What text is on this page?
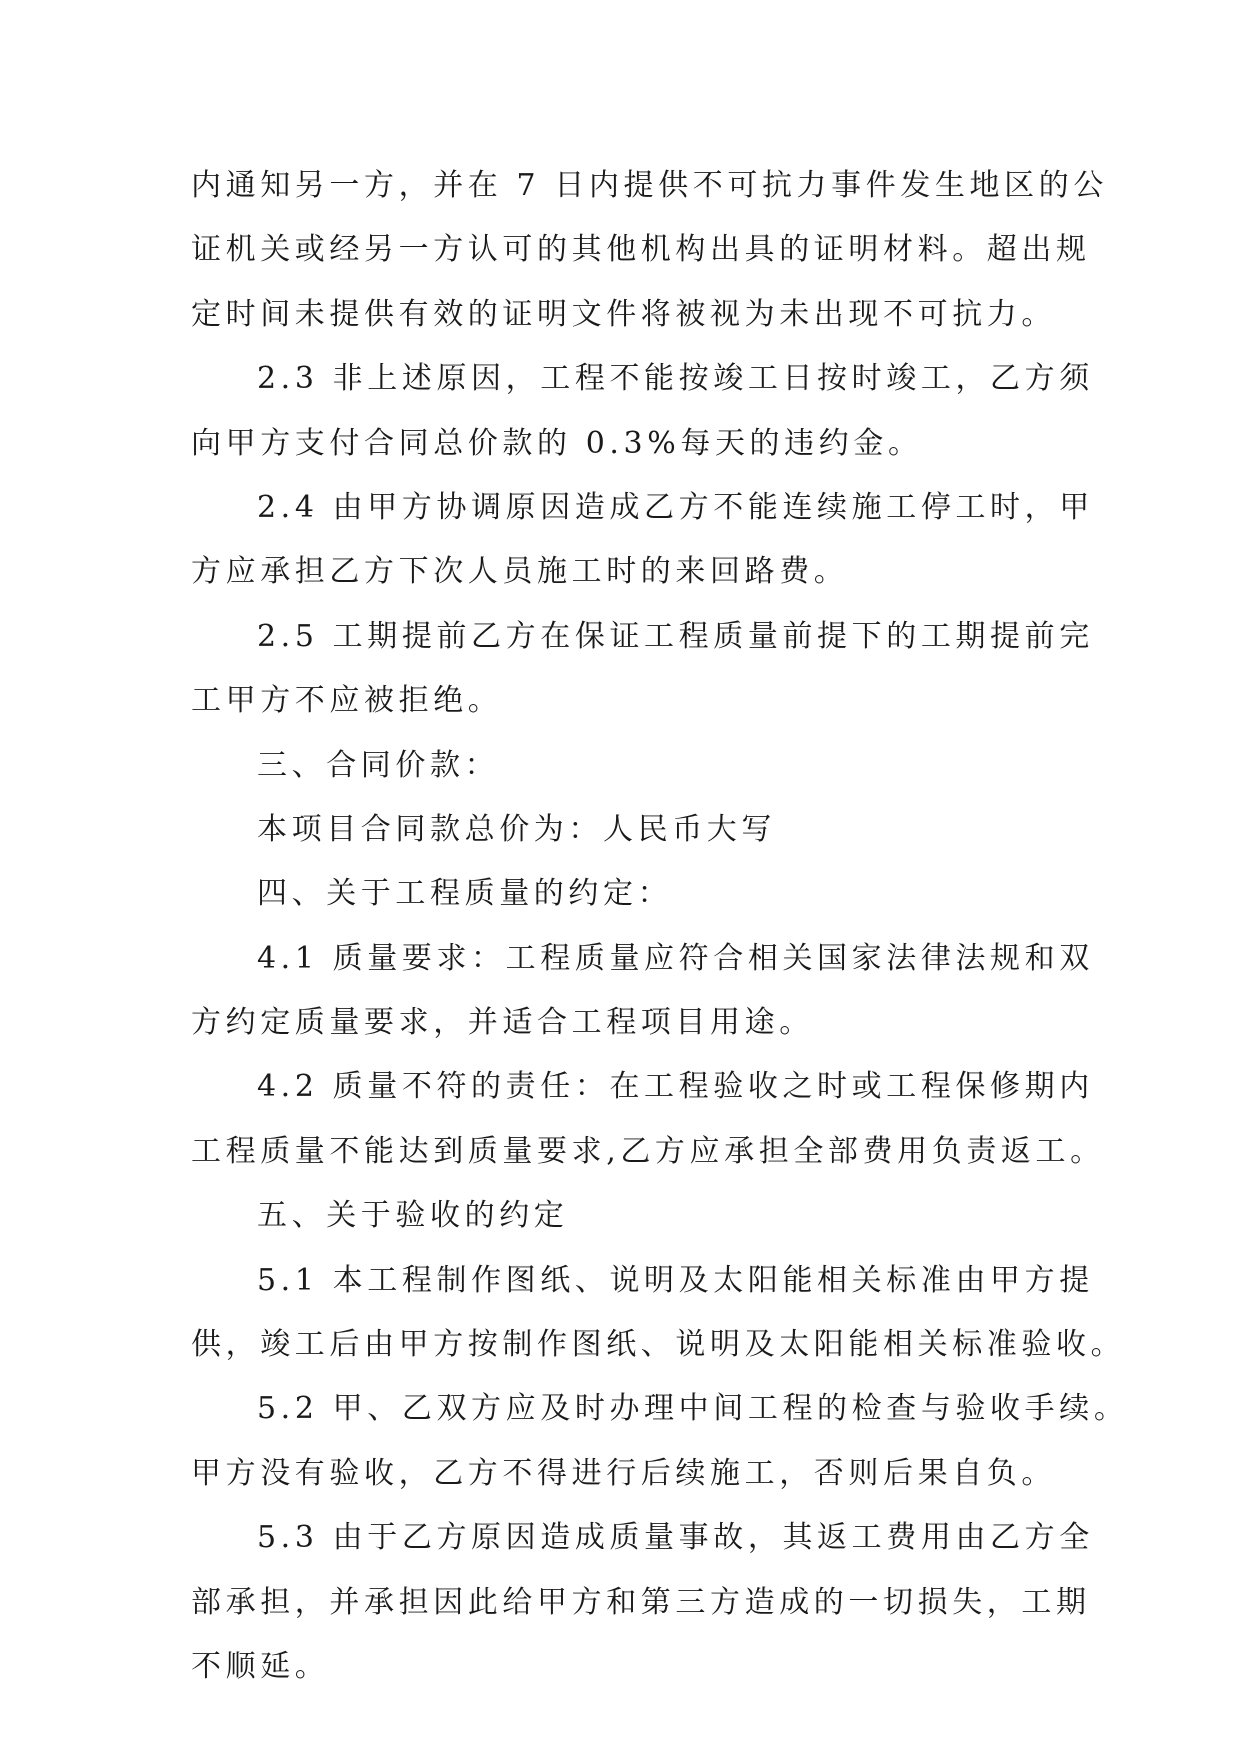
内通知另一方，并在 7 日内提供不可抗力事件发生地区的公
证机关或经另一方认可的其他机构出具的证明材料。超出规
定时间未提供有效的证明文件将被视为未出现不可抗力。
2.3 非上述原因，工程不能按竣工日按时竣工，乙方须
向甲方支付合同总价款的 0.3%每天的违约金。
2.4 由甲方协调原因造成乙方不能连续施工停工时，甲
方应承担乙方下次人员施工时的来回路费。
2.5 工期提前乙方在保证工程质量前提下的工期提前完
工甲方不应被拒绝。
三、合同价款：
本项目合同款总价为：人民币大写
四、关于工程质量的约定：
4.1 质量要求：工程质量应符合相关国家法律法规和双
方约定质量要求，并适合工程项目用途。
4.2 质量不符的责任：在工程验收之时或工程保修期内
工程质量不能达到质量要求,乙方应承担全部费用负责返工。
五、关于验收的约定
5.1 本工程制作图纸、说明及太阳能相关标准由甲方提
供，竣工后由甲方按制作图纸、说明及太阳能相关标准验收。
5.2 甲、乙双方应及时办理中间工程的检查与验收手续。
甲方没有验收，乙方不得进行后续施工，否则后果自负。
5.3 由于乙方原因造成质量事故，其返工费用由乙方全
部承担，并承担因此给甲方和第三方造成的一切损失，工期
不顺延。
